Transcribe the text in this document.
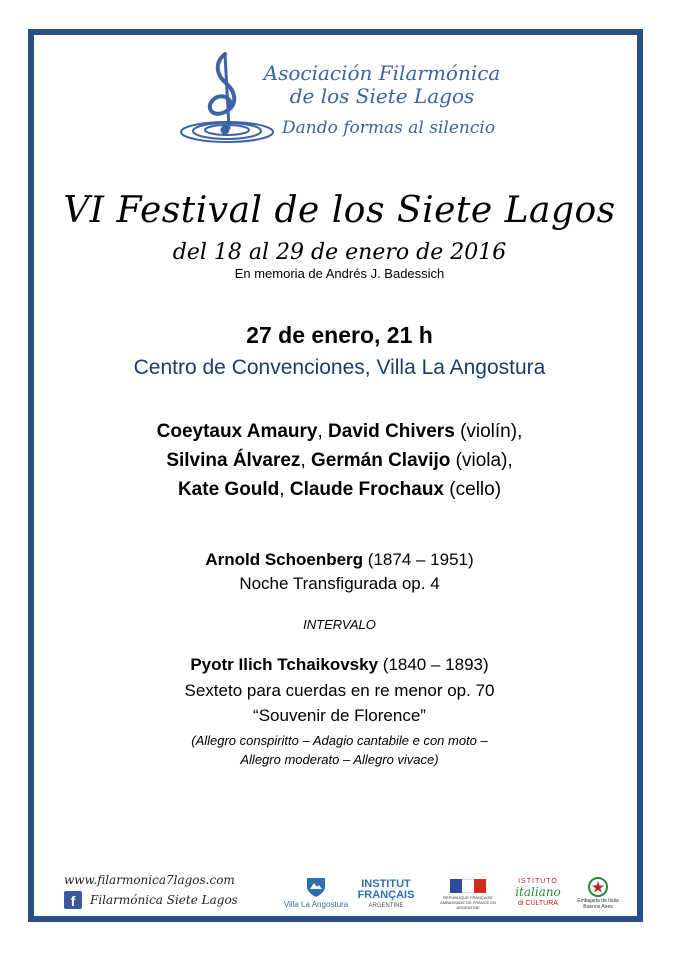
Asociación Filarmónica
de los Siete Lagos
Dando formas al silencio
VI Festival de los Siete Lagos
del 18 al 29 de enero de 2016
En memoria de Andrés J. Badessich
27 de enero, 21 h
Centro de Convenciones, Villa La Angostura
Coeytaux Amaury, David Chivers (violín),
Silvina Álvarez, Germán Clavijo (viola),
Kate Gould, Claude Frochaux (cello)
Arnold Schoenberg (1874 – 1951)
Noche Transfigurada op. 4
INTERVALO
Pyotr Ilich Tchaikovsky (1840 – 1893)
Sexteto para cuerdas en re menor op. 70
“Souvenir de Florence”
(Allegro conspiritto – Adagio cantabile e con moto –
Allegro moderato – Allegro vivace)
www.filarmonica7lagos.com
f	Filarmónica Siete Lagos	Villa La Angostura
INSTITUT
FRANÇAIS
ARGENTINE
RÉPUBLIQUE FRANÇAISE
AMBASSADE DE FRANCE EN ARGENTINE
ISTITUTO
italiano
di CULTURA	Embajada de Italia
Buenos Aires
